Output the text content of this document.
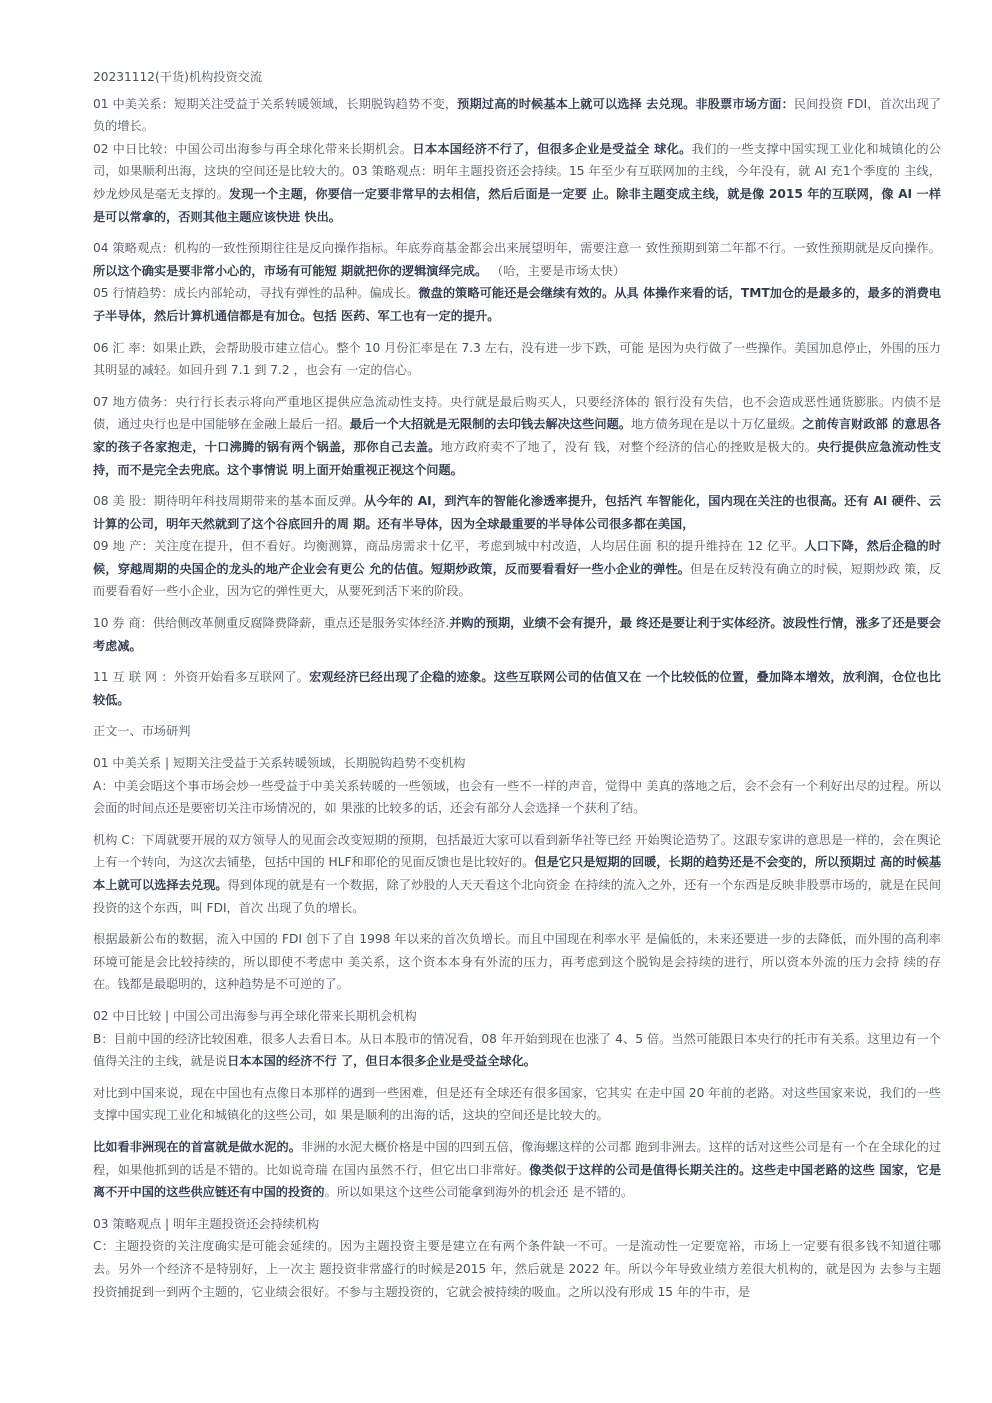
20231112(干货)机构投资交流
01 中美关系：短期关注受益于关系转暖领域，长期脱钩趋势不变，预期过高的时候基本上就可以选择 去兑现。非股票市场方面：民间投资 FDI，首次出现了负的增长。
02 中日比较：中国公司出海参与再全球化带来长期机会。日本本国经济不行了，但很多企业是受益全 球化。我们的一些支撑中国实现工业化和城镇化的公司，如果顺利出海，这块的空间还是比较大的。03 策略观点：明年主题投资还会持续。15 年至少有互联网加的主线，今年没有，就 AI 充1个季度的 主线，炒龙炒凤是毫无支撑的。发现一个主题，你要信一定要非常早的去相信，然后后面是一定要 止。除非主题变成主线，就是像 2015 年的互联网，像 AI 一样是可以常拿的，否则其他主题应该快进 快出。
04 策略观点：机构的一致性预期往往是反向操作指标。年底券商基金都会出来展望明年，需要注意一 致性预期到第二年都不行。一致性预期就是反向操作。所以这个确实是要非常小心的，市场有可能短 期就把你的逻辑演绎完成。 （哈，主要是市场太快）
05 行情趋势：成长内部轮动，寻找有弹性的品种。偏成长。微盘的策略可能还是会继续有效的。从具 体操作来看的话，TMT加仓的是最多的，最多的消费电子半导体，然后计算机通信都是有加仓。包括 医药、军工也有一定的提升。
06 汇 率：如果止跌，会帮助股市建立信心。整个 10 月份汇率是在 7.3 左右，没有进一步下跌，可能 是因为央行做了一些操作。美国加息停止，外围的压力其明显的减轻。如回升到 7.1 到 7.2 ，也会有 一定的信心。
07 地方债务：央行行长表示将向严重地区提供应急流动性支持。央行就是最后购买人，只要经济体的 银行没有失信，也不会造成恶性通货膨胀。内债不是债，通过央行也是中国能够在金融上最后一招。最后一个大招就是无限制的去印钱去解决这些问题。地方债务现在是以十万亿量级。之前传言财政部 的意思各家的孩子各家抱走，十口沸腾的锅有两个锅盖，那你自己去盖。地方政府卖不了地了，没有 钱，对整个经济的信心的挫败是极大的。央行提供应急流动性支持，而不是完全去兜底。这个事情说 明上面开始重视正视这个问题。
08 美 股：期待明年科技周期带来的基本面反弹。从今年的 AI，到汽车的智能化渗透率提升，包括汽 车智能化，国内现在关注的也很高。还有 AI 硬件、云计算的公司，明年天然就到了这个谷底回升的周 期。还有半导体，因为全球最重要的半导体公司很多都在美国，
09 地 产：关注度在提升，但不看好。均衡测算，商品房需求十亿平，考虑到城中村改造，人均居住面 积的提升维持在 12 亿平。人口下降，然后企稳的时候，穿越周期的央国企的龙头的地产企业会有更公 允的估值。短期炒政策，反而要看看好一些小企业的弹性。但是在反转没有确立的时候，短期炒政 策，反而要看看好一些小企业，因为它的弹性更大，从要死到活下来的阶段。
10 券 商：供给侧改革侧重反腐降费降薪，重点还是服务实体经济.并购的预期，业绩不会有提升，最 终还是要让利于实体经济。波段性行情，涨多了还是要会考虑减。
11 互 联 网 ：外资开始看多互联网了。宏观经济已经出现了企稳的迹象。这些互联网公司的估值又在 一个比较低的位置，叠加降本增效，放利润，仓位也比较低。
正文一、市场研判
01 中美关系 | 短期关注受益于关系转暖领域，长期脱钩趋势不变机构
A：中美会晤这个事市场会炒一些受益于中美关系转暖的一些领域，也会有一些不一样的声音，觉得中 美真的落地之后，会不会有一个利好出尽的过程。所以会面的时间点还是要密切关注市场情况的，如 果涨的比较多的话，还会有部分人会选择一个获利了结。
机构 C：下周就要开展的双方领导人的见面会改变短期的预期，包括最近大家可以看到新华社等已经 开始舆论造势了。这跟专家讲的意思是一样的，会在舆论上有一个转向，为这次去铺垫，包括中国的 HLF和耶伦的见面反馈也是比较好的。但是它只是短期的回暖，长期的趋势还是不会变的，所以预期过 高的时候基本上就可以选择去兑现。得到体现的就是有一个数据，除了炒股的人天天看这个北向资金 在持续的流入之外，还有一个东西是反映非股票市场的，就是在民间投资的这个东西，叫 FDI，首次 出现了负的增长。
根据最新公布的数据，流入中国的 FDI 创下了自 1998 年以来的首次负增长。而且中国现在利率水平 是偏低的，未来还要进一步的去降低，而外围的高利率环境可能是会比较持续的，所以即使不考虑中 美关系，这个资本本身有外流的压力，再考虑到这个脱钩是会持续的进行，所以资本外流的压力会持 续的存在。钱都是最聪明的，这种趋势是不可逆的了。
02 中日比较 | 中国公司出海参与再全球化带来长期机会机构
B：目前中国的经济比较困难，很多人去看日本。从日本股市的情况看，08 年开始到现在也涨了 4、5 倍。当然可能跟日本央行的托市有关系。这里边有一个值得关注的主线，就是说日本本国的经济不行 了，但日本很多企业是受益全球化。
对比到中国来说，现在中国也有点像日本那样的遇到一些困难，但是还有全球还有很多国家，它其实 在走中国 20 年前的老路。对这些国家来说，我们的一些支撑中国实现工业化和城镇化的这些公司，如 果是顺利的出海的话，这块的空间还是比较大的。
比如看非洲现在的首富就是做水泥的。非洲的水泥大概价格是中国的四到五倍，像海螺这样的公司都 跑到非洲去。这样的话对这些公司是有一个在全球化的过程，如果他抓到的话是不错的。比如说奇瑞 在国内虽然不行，但它出口非常好。像类似于这样的公司是值得长期关注的。这些走中国老路的这些 国家，它是离不开中国的这些供应链还有中国的投资的。所以如果这个这些公司能拿到海外的机会还 是不错的。
03 策略观点 | 明年主题投资还会持续机构
C：主题投资的关注度确实是可能会延续的。因为主题投资主要是建立在有两个条件缺一不可。一是流动性一定要宽裕，市场上一定要有很多钱不知道往哪去。另外一个经济不是特别好，上一次主 题投资非常盛行的时候是2015 年，然后就是 2022 年。所以今年导致业绩方差很大机构的，就是因为 去参与主题投资捕捉到一到两个主题的，它业绩会很好。不参与主题投资的，它就会被持续的吸血。之所以没有形成 15 年的牛市，是
